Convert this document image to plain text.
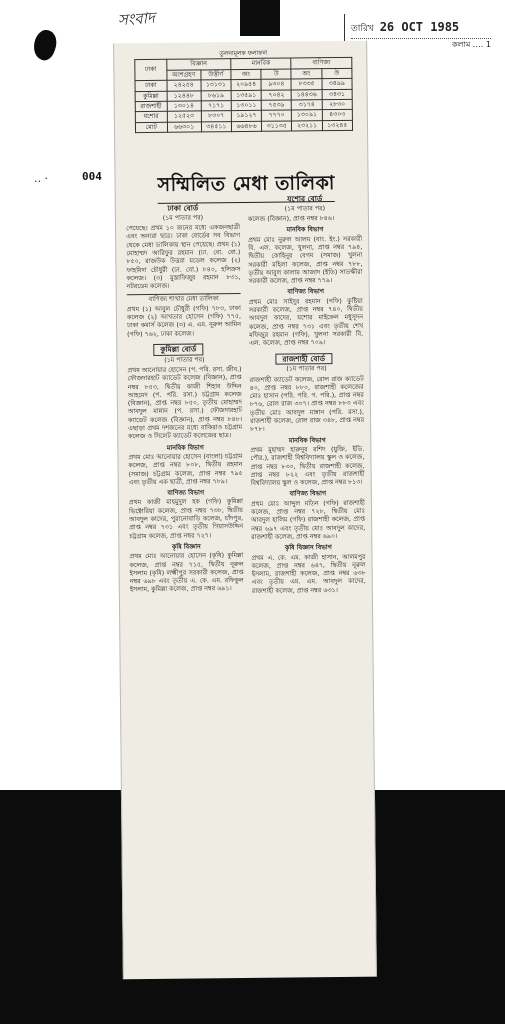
সংবাদ	তারিখ 26 OCT 1985
কলাম …. 1
.. ·
তুলনামূলক ফলাফল
ঢাকা	বিজ্ঞান		মানবিক		বাণিজ্য	
	অংশগ্রহণ	উত্তীর্ণ	অং	উ	অং	উ
ঢাকা	২৪২৫৪	১৩১৩১	২০৯৫৪	৯৩০৪	৮৩৩৫	৩৪৯৯
কুমিল্লা	১২৪৪৮	৮৬১৯	১৩৫৯১	৭০৪২	১৪৪৩৬	৩৪৩১
রাজশাহী	১৩০১৪	৭১৭১	১৩০১১	৭৫৩৯	৩১৭৪	২৮৩০
যশোর	১২৫২৩	৮৩০৭	১৯১২৭	৭৭৭০	১৩০৯১	৪৩০৩
মোট	৬৬৩০১	৩৪৫১১	৬৬৪৮৬	৩১১৩৫	২৩২১১	১৩২৪৫
সম্মিলিত মেধা তালিকা
ঢাকা বোর্ড
(১ম পাতার পর)

পেয়েছে। প্রথম ১০ জনের মধ্যে একজনছাত্রী এবং অন্যরা ছাত্র। ঢাকা বোর্ডের সব বিভাগ থেকে মেধা তালিকায় স্থান পেয়েছে। প্রথম (১) মোহাম্মদ আরিফুর রহমান (ঢা. বো. বো.) ৮৫০, রাজউক উত্তরা মডেল কলেজ (২) ফাহমিদা চৌধুরী (ঢা. বো.) ৮৪০, হলিক্রস কলেজ। (৩) মুস্তাফিজুর রহমান ৮৩১, নটরডেম কলেজ।

বাণিজ্য শাখার মেধা তালিকা

প্রথম (১) আবুল চৌধুরী (গফি) ৭৮৩, ঢাকা কলেজ (২) আখতার হোসেন (গফি) ৭৭৫, ঢাকা কমার্স কলেজ (৩) এ. এম. নূরুল আমিন (গফি) ৭৬২, ঢাকা কলেজ।

কুমিল্লা বোর্ড
(১ম পাতার পর)

প্রথম আনোয়ার হোসেন (প. পরি. রসা. জীব.) ফৌজদারহাট ক্যাডেট কলেজ (বিজ্ঞান), প্রাপ্ত নম্বর ৮৫৩, দ্বিতীয় কাজী শিহাব উদ্দিন আহমেদ (প. পরি. রসা.) চট্টগ্রাম কলেজ (বিজ্ঞান), প্রাপ্ত নম্বর ৮৫০, তৃতীয় মোহাম্মদ আবদুল মান্নান (প. রসা.) ফৌজদারহাট ক্যাডেট কলেজ (বিজ্ঞান), প্রাপ্ত নম্বর ৮৪৮। এছাড়া প্রথম দশজনের মধ্যে বাকিরাও চট্টগ্রাম কলেজ ও সিলেট ক্যাডেট কলেজের ছাত্র।

মানবিক বিভাগ

প্রথম মোঃ আনোয়ার হোসেন (বাংলা) চট্টগ্রাম কলেজ, প্রাপ্ত নম্বর ৮০৮, দ্বিতীয় রহমান (সমাজ) চট্টগ্রাম কলেজ, প্রাপ্ত নম্বর ৭৯৫ এবং তৃতীয় এক ছাত্রী, প্রাপ্ত নম্বর ৭৮৯।

বাণিজ্য বিভাগ

প্রথম কাজী মাহমুদুল হক (গফি) কুমিল্লা ভিক্টোরিয়া কলেজ, প্রাপ্ত নম্বর ৭৩৮, দ্বিতীয় আবদুল কাদের, পুরানোবাড়ি কলেজ, চাঁদপুর, প্রাপ্ত নম্বর ৭৩১ এবং তৃতীয় গিয়াসউদ্দিন চট্টগ্রাম কলেজ, প্রাপ্ত নম্বর ৭২৭।

কৃষি বিজ্ঞান

প্রথম মোঃ আনোয়ার হোসেন (কৃষি) কুমিল্লা কলেজ, প্রাপ্ত নম্বর ৭১৫, দ্বিতীয় নূরুল ইসলাম (কৃষি) লক্ষ্মীপুর সরকারী কলেজ, প্রাপ্ত নম্বর ৬৯৮ এবং তৃতীয় এ. কে. এম. রফিকুল ইসলাম, কুমিল্লা কলেজ, প্রাপ্ত নম্বর ৬৯১।

যশোর বোর্ড
(১ম পাতার পর)

কলেজ (বিজ্ঞান), প্রাপ্ত নম্বর ৮৪৬।

মানবিক বিভাগ

প্রথম মোঃ নুরুল আলম (বাং. ইং.) সরকারী বি. এল. কলেজ, খুলনা, প্রাপ্ত নম্বর ৭৯৪, দ্বিতীয় কোহিনূর বেগম (সমাজ) খুলনা সরকারী মহিলা কলেজ, প্রাপ্ত নম্বর ৭৮৮, তৃতীয় আবুল কালাম আজাদ (ইতি) সাতক্ষীরা সরকারী কলেজ, প্রাপ্ত নম্বর ৭৭৯।

বাণিজ্য বিভাগ

প্রথম মোঃ সাইদুর রহমান (গফি) কুষ্টিয়া সরকারী কলেজ, প্রাপ্ত নম্বর ৭৪০, দ্বিতীয় আবদুল কাদের, যশোর মাইকেল মধুসূদন কলেজ, প্রাপ্ত নম্বর ৭৩১ এবং তৃতীয় শেখ মফিজুর রহমান (গফি), খুলনা সরকারী বি. এল. কলেজ, প্রাপ্ত নম্বর ৭০৯।

রাজশাহী বোর্ড
(১ম পাতার পর)

রাজশাহী ক্যাডেট কলেজ, রোল রাজ ক্যাডেট ৪০, প্রাপ্ত নম্বর ৮৮০, রাজশাহী কলেজের মোঃ হাসান (পরি. পরি. গ. পরি.), প্রাপ্ত নম্বর ৮৭৬, রোল রাজ ৩০৭। প্রাপ্ত নম্বর ৮৮৩ এবং তৃতীয় মোঃ আবদুল মান্নান (পরি. রসা.), রাজশাহী কলেজ, রোল রাজ ৩৪৮, প্রাপ্ত নম্বর ৮৭৮।

মানবিক বিভাগ

প্রথম মুহাম্মদ হারুনুর রশিদ (যুক্তি, ইতি. পৌর.), রাজশাহী বিশ্ববিদ্যালয় স্কুল ও কলেজ, প্রাপ্ত নম্বর ৮৩০, দ্বিতীয় রাজশাহী কলেজ, প্রাপ্ত নম্বর ৮২২ এবং তৃতীয় রাজশাহী বিশ্ববিদ্যালয় স্কুল ও কলেজ, প্রাপ্ত নম্বর ৮১৩।

বাণিজ্য বিভাগ

প্রথম মোঃ আব্দুল মতিন (গফি) রাজশাহী কলেজ, প্রাপ্ত নম্বর ৭২৮, দ্বিতীয় মোঃ আবদুল হালিম (গফি) রাজশাহী কলেজ, প্রাপ্ত নম্বর ৬৯৭ এবং তৃতীয় মোঃ আবদুল কাদের, রাজশাহী কলেজ, প্রাপ্ত নম্বর ৬৯০।

কৃষি বিজ্ঞান বিভাগ

প্রথম এ. কে. এম. কাজী হাসান, আলমপুর কলেজ, প্রাপ্ত নম্বর ৬৪৭, দ্বিতীয় নূরুল ইসলাম, রাজশাহী কলেজ, প্রাপ্ত নম্বর ৬৩৮ এবং তৃতীয় এম. এম. আবদুল কাদের, রাজশাহী কলেজ, প্রাপ্ত নম্বর ৬৩১।

004
